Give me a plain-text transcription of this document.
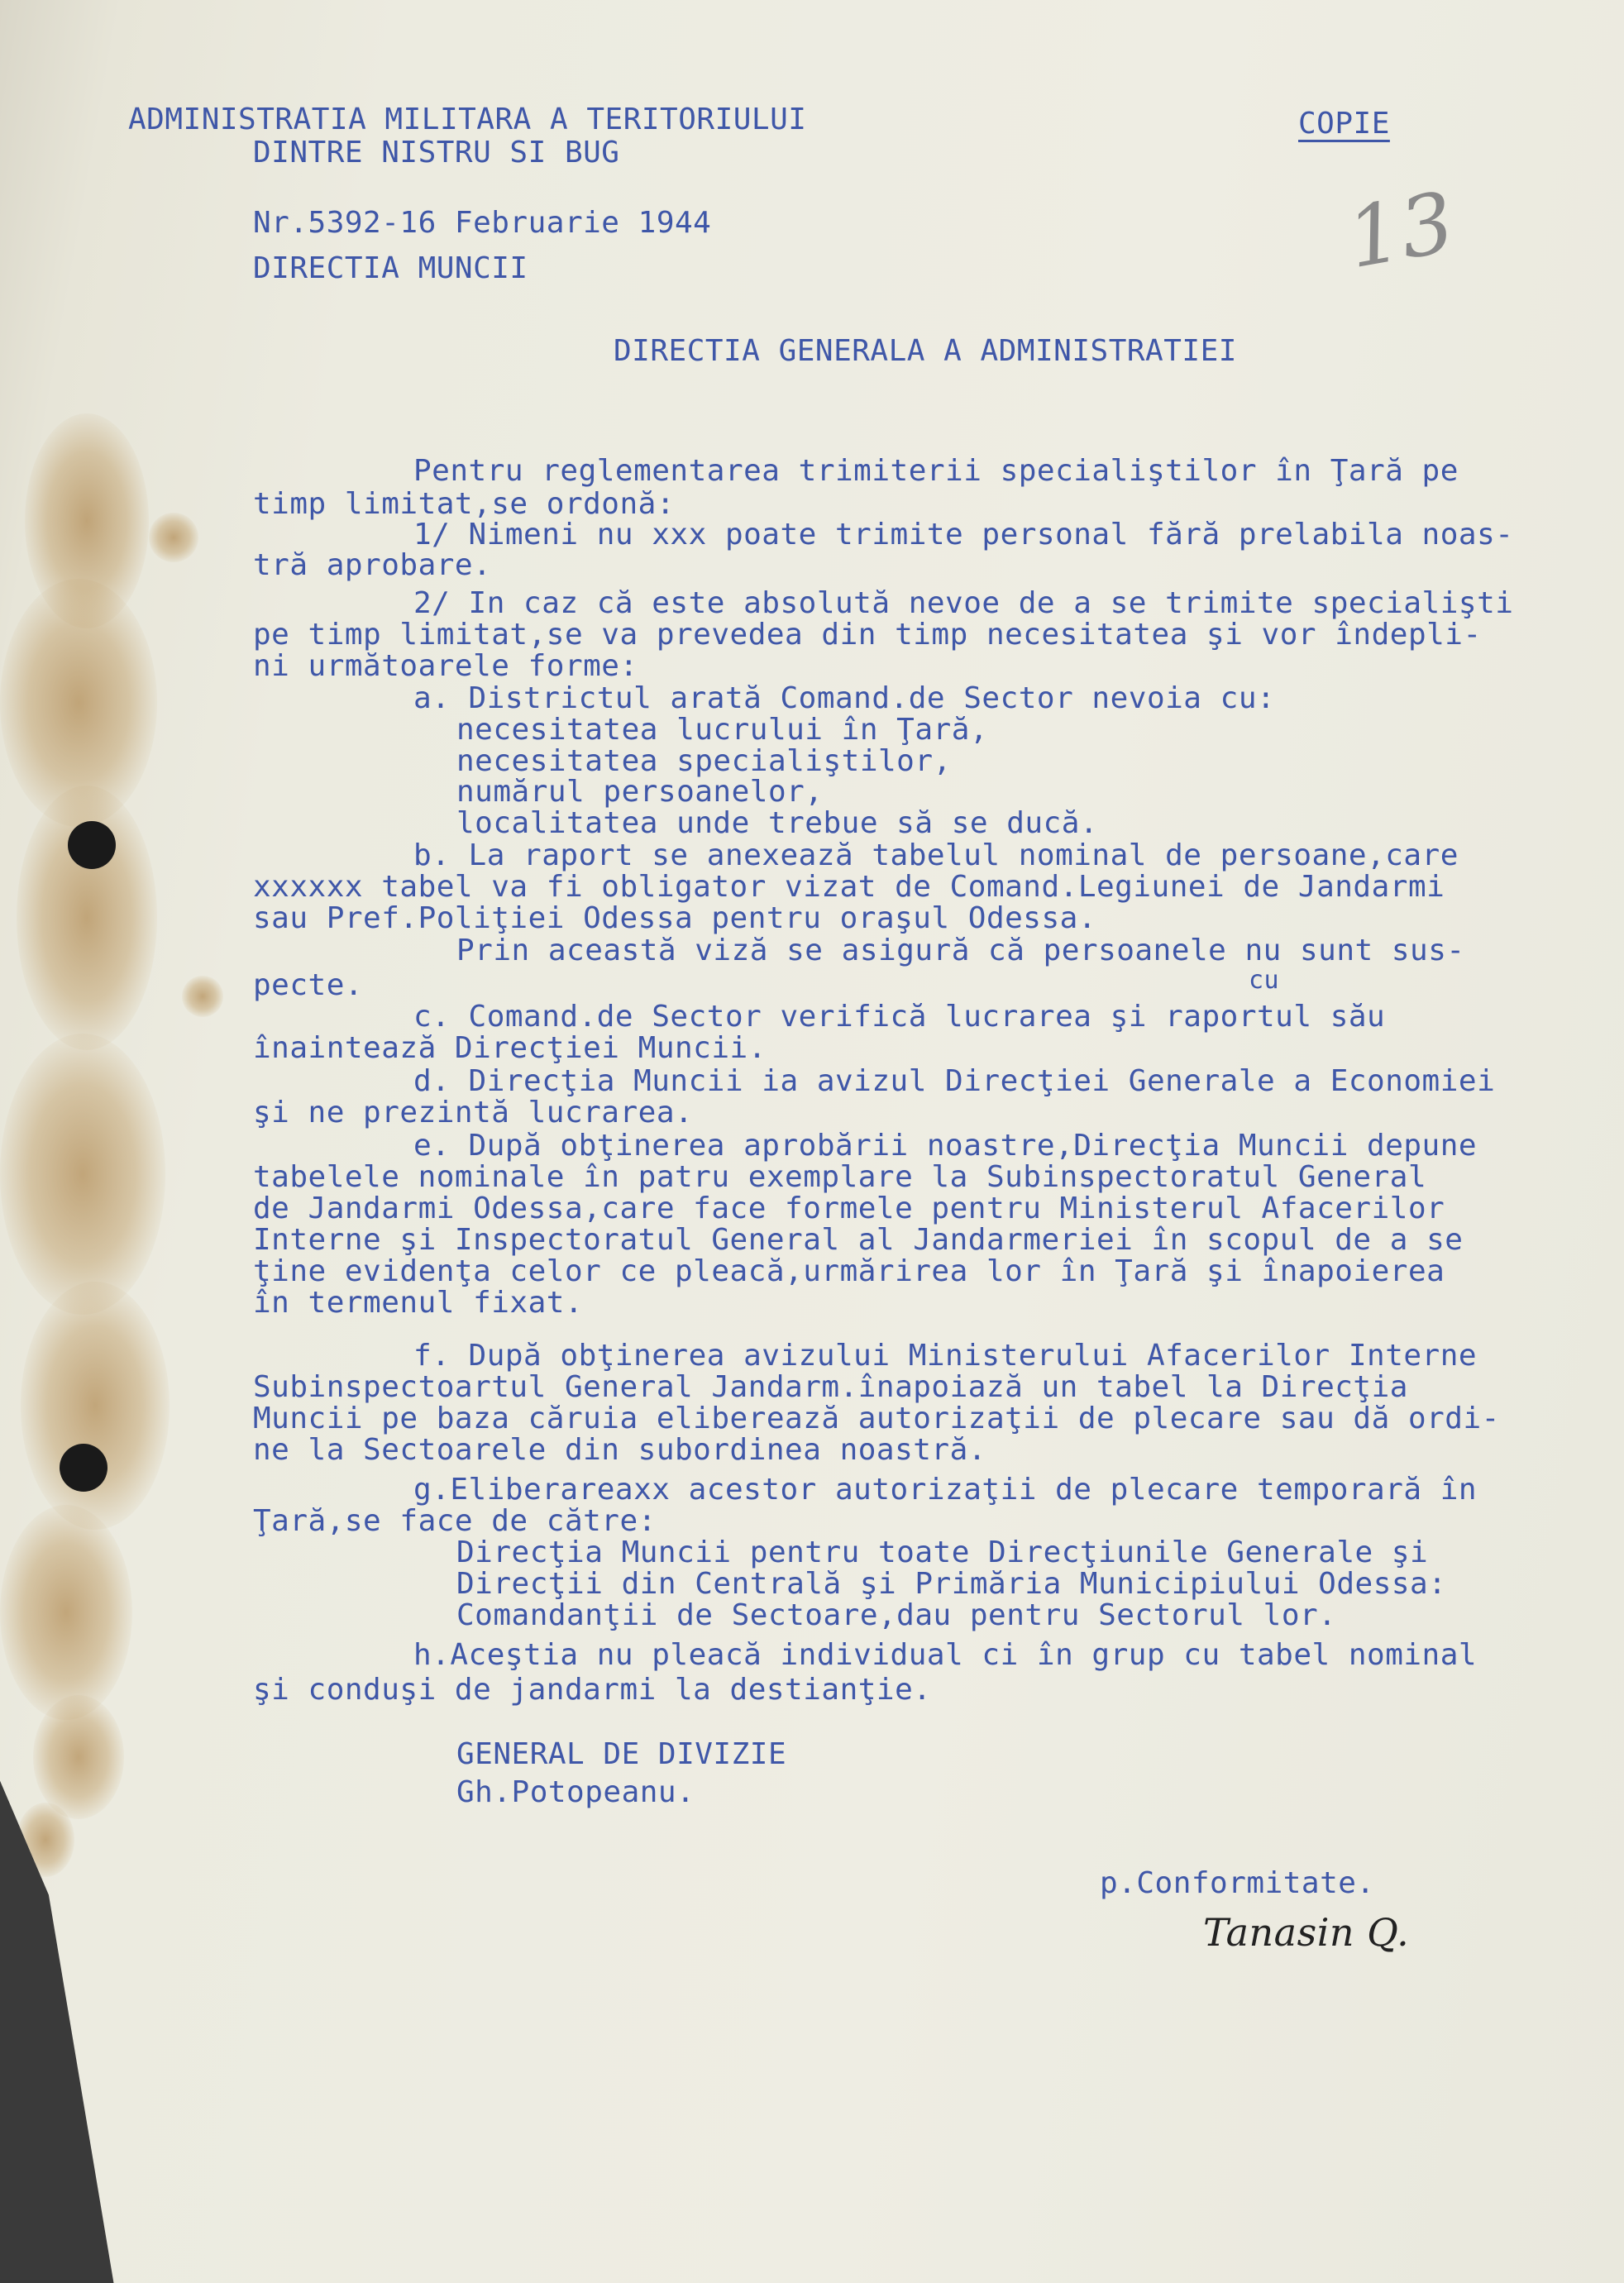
ADMINISTRATIA MILITARA A TERITORIULUI

DINTRE NISTRU SI BUG

COPIE

Nr.5392-16 Februarie 1944

DIRECTIA MUNCII

	13

DIRECTIA GENERALA A ADMINISTRATIEI

Pentru reglementarea trimiterii specialiştilor în Ţară pe

timp limitat,se ordonă:

1/ Nimeni nu xxx poate trimite personal fără prelabila noas-

tră aprobare.

2/ In caz că este absolută nevoe de a se trimite specialişti

pe timp limitat,se va prevedea din timp necesitatea şi vor îndepli-

ni următoarele forme:

a. Districtul arată Comand.de Sector nevoia cu:

necesitatea lucrului în Ţară,

necesitatea specialiştilor,

numărul persoanelor,

localitatea unde trebue să se ducă.

b. La raport se anexează tabelul nominal de persoane,care

xxxxxx tabel va fi obligator vizat de Comand.Legiunei de Jandarmi

sau Pref.Poliţiei Odessa pentru oraşul Odessa.

Prin această viză se asigură că persoanele nu sunt sus-

pecte.

	cu

c. Comand.de Sector verifică lucrarea şi raportul său

înaintează Direcţiei Muncii.

d. Direcţia Muncii ia avizul Direcţiei Generale a Economiei

şi ne prezintă lucrarea.

e. După obţinerea aprobării noastre,Direcţia Muncii depune

tabelele nominale în patru exemplare la Subinspectoratul General

de Jandarmi Odessa,care face formele pentru Ministerul Afacerilor

Interne şi Inspectoratul General al Jandarmeriei în scopul de a se

ţine evidenţa celor ce pleacă,urmărirea lor în Ţară şi înapoierea

în termenul fixat.

f. După obţinerea avizului Ministerului Afacerilor Interne

Subinspectoartul General Jandarm.înapoiază un tabel la Direcţia

Muncii pe baza căruia eliberează autorizaţii de plecare sau dă ordi-

ne la Sectoarele din subordinea noastră.

g.Eliberareaxx acestor autorizaţii de plecare temporară în

Ţară,se face de către:

Direcţia Muncii pentru toate Direcţiunile Generale şi

Direcţii din Centrală şi Primăria Municipiului Odessa:

Comandanţii de Sectoare,dau pentru Sectorul lor.

h.Aceştia nu pleacă individual ci în grup cu tabel nominal

şi conduşi de jandarmi la destianţie.

GENERAL DE DIVIZIE

Gh.Potopeanu.

p.Conformitate.

Tanasin Q.
